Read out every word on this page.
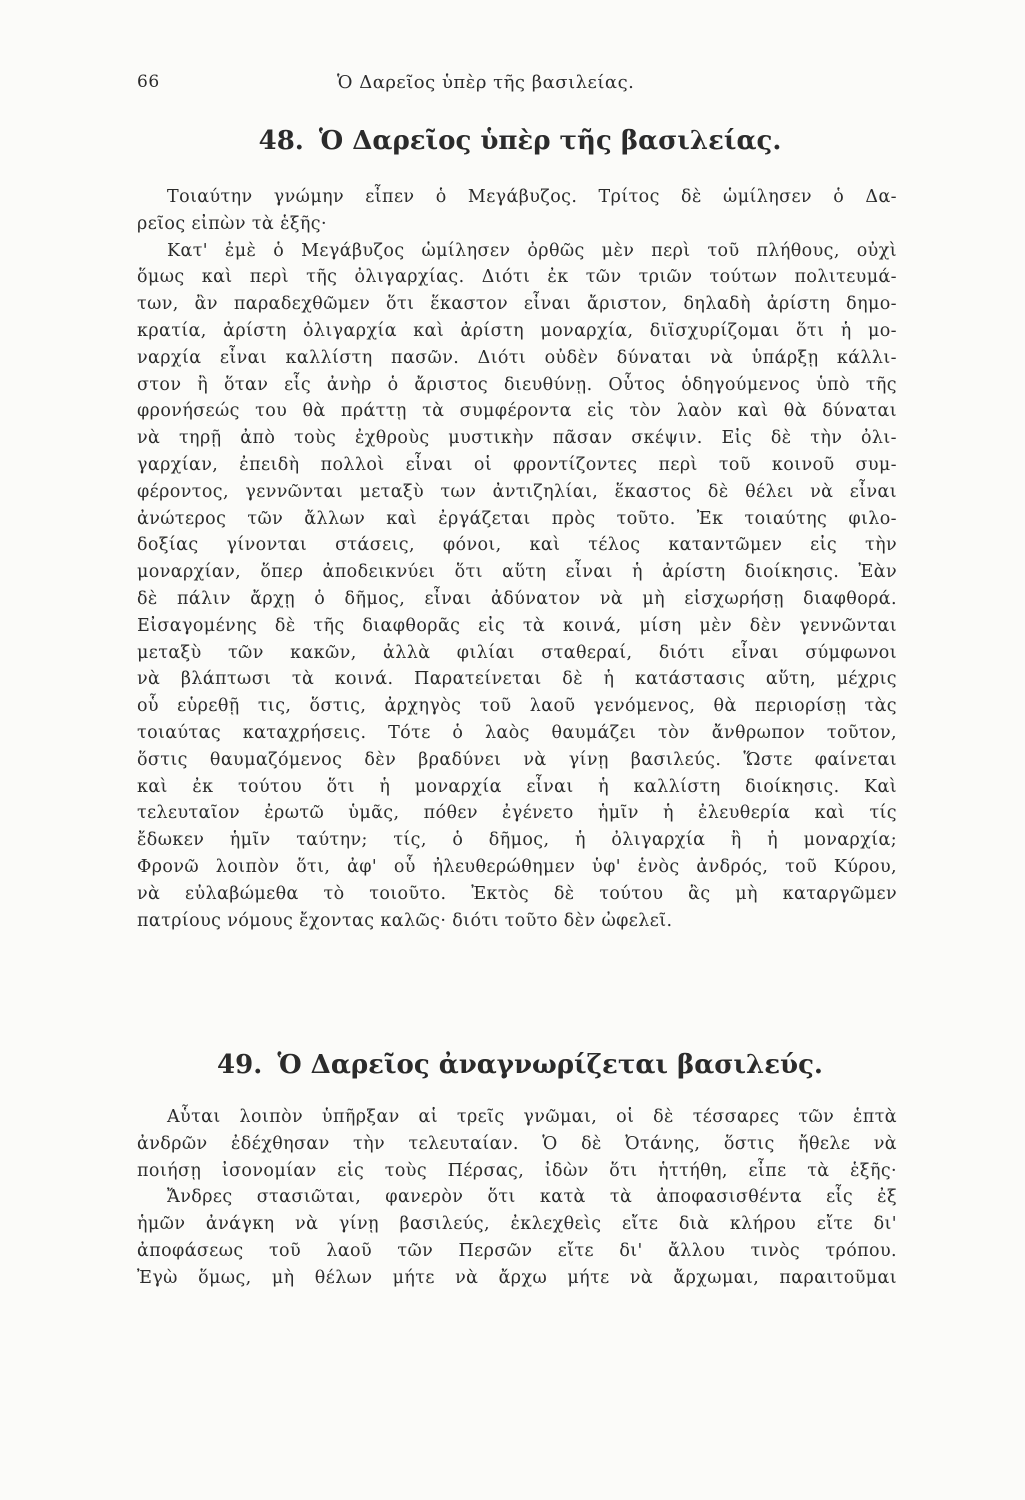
66	Ὁ Δαρεῖος ὑπὲρ τῆς βασιλείας.
48. Ὁ Δαρεῖος ὑπὲρ τῆς βασιλείας.
Τοιαύτην γνώμην εἶπεν ὁ Μεγάβυζος. Τρίτος δὲ ὡμίλησεν ὁ Δα-
ρεῖος εἰπὼν τὰ ἑξῆς·
Κατ' ἐμὲ ὁ Μεγάβυζος ὡμίλησεν ὀρθῶς μὲν περὶ τοῦ πλήθους, οὐχὶ
ὅμως καὶ περὶ τῆς ὀλιγαρχίας. Διότι ἐκ τῶν τριῶν τούτων πολιτευμά-
των, ἂν παραδεχθῶμεν ὅτι ἕκαστον εἶναι ἄριστον, δηλαδὴ ἀρίστη δημο-
κρατία, ἀρίστη ὀλιγαρχία καὶ ἀρίστη μοναρχία, διϊσχυρίζομαι ὅτι ἡ μο-
ναρχία εἶναι καλλίστη πασῶν. Διότι οὐδὲν δύναται νὰ ὑπάρξῃ κάλλι-
στον ἢ ὅταν εἷς ἀνὴρ ὁ ἄριστος διευθύνῃ. Οὗτος ὁδηγούμενος ὑπὸ τῆς
φρονήσεώς του θὰ πράττῃ τὰ συμφέροντα εἰς τὸν λαὸν καὶ θὰ δύναται
νὰ τηρῇ ἀπὸ τοὺς ἐχθροὺς μυστικὴν πᾶσαν σκέψιν. Εἰς δὲ τὴν ὀλι-
γαρχίαν, ἐπειδὴ πολλοὶ εἶναι οἱ φροντίζοντες περὶ τοῦ κοινοῦ συμ-
φέροντος, γεννῶνται μεταξὺ των ἀντιζηλίαι, ἕκαστος δὲ θέλει νὰ εἶναι
ἀνώτερος τῶν ἄλλων καὶ ἐργάζεται πρὸς τοῦτο. Ἐκ τοιαύτης φιλο-
δοξίας γίνονται στάσεις, φόνοι, καὶ τέλος καταντῶμεν εἰς τὴν
μοναρχίαν, ὅπερ ἀποδεικνύει ὅτι αὕτη εἶναι ἡ ἀρίστη διοίκησις. Ἐὰν
δὲ πάλιν ἄρχῃ ὁ δῆμος, εἶναι ἀδύνατον νὰ μὴ εἰσχωρήσῃ διαφθορά.
Εἰσαγομένης δὲ τῆς διαφθορᾶς εἰς τὰ κοινά, μίση μὲν δὲν γεννῶνται
μεταξὺ τῶν κακῶν, ἀλλὰ φιλίαι σταθεραί, διότι εἶναι σύμφωνοι
νὰ βλάπτωσι τὰ κοινά. Παρατείνεται δὲ ἡ κατάστασις αὕτη, μέχρις
οὗ εὑρεθῇ τις, ὅστις, ἀρχηγὸς τοῦ λαοῦ γενόμενος, θὰ περιορίσῃ τὰς
τοιαύτας καταχρήσεις. Τότε ὁ λαὸς θαυμάζει τὸν ἄνθρωπον τοῦτον,
ὅστις θαυμαζόμενος δὲν βραδύνει νὰ γίνῃ βασιλεύς. Ὥστε φαίνεται
καὶ ἐκ τούτου ὅτι ἡ μοναρχία εἶναι ἡ καλλίστη διοίκησις. Καὶ
τελευταῖον ἐρωτῶ ὑμᾶς, πόθεν ἐγένετο ἡμῖν ἡ ἐλευθερία καὶ τίς
ἔδωκεν ἡμῖν ταύτην; τίς, ὁ δῆμος, ἡ ὀλιγαρχία ἢ ἡ μοναρχία;
Φρονῶ λοιπὸν ὅτι, ἀφ' οὗ ἠλευθερώθημεν ὑφ' ἑνὸς ἀνδρός, τοῦ Κύρου,
νὰ εὐλαβώμεθα τὸ τοιοῦτο. Ἐκτὸς δὲ τούτου ἂς μὴ καταργῶμεν
πατρίους νόμους ἔχοντας καλῶς· διότι τοῦτο δὲν ὠφελεῖ.
49. Ὁ Δαρεῖος ἀναγνωρίζεται βασιλεύς.
Αὗται λοιπὸν ὑπῆρξαν αἱ τρεῖς γνῶμαι, οἱ δὲ τέσσαρες τῶν ἑπτὰ
ἀνδρῶν ἐδέχθησαν τὴν τελευταίαν. Ὁ δὲ Ὀτάνης, ὅστις ἤθελε νὰ
ποιήσῃ ἰσονομίαν εἰς τοὺς Πέρσας, ἰδὼν ὅτι ἡττήθη, εἶπε τὰ ἑξῆς·
Ἄνδρες στασιῶται, φανερὸν ὅτι κατὰ τὰ ἀποφασισθέντα εἷς ἐξ
ἡμῶν ἀνάγκη νὰ γίνῃ βασιλεύς, ἐκλεχθεὶς εἴτε διὰ κλήρου εἴτε δι'
ἀποφάσεως τοῦ λαοῦ τῶν Περσῶν εἴτε δι' ἄλλου τινὸς τρόπου.
Ἐγὼ ὅμως, μὴ θέλων μήτε νὰ ἄρχω μήτε νὰ ἄρχωμαι, παραιτοῦμαι
